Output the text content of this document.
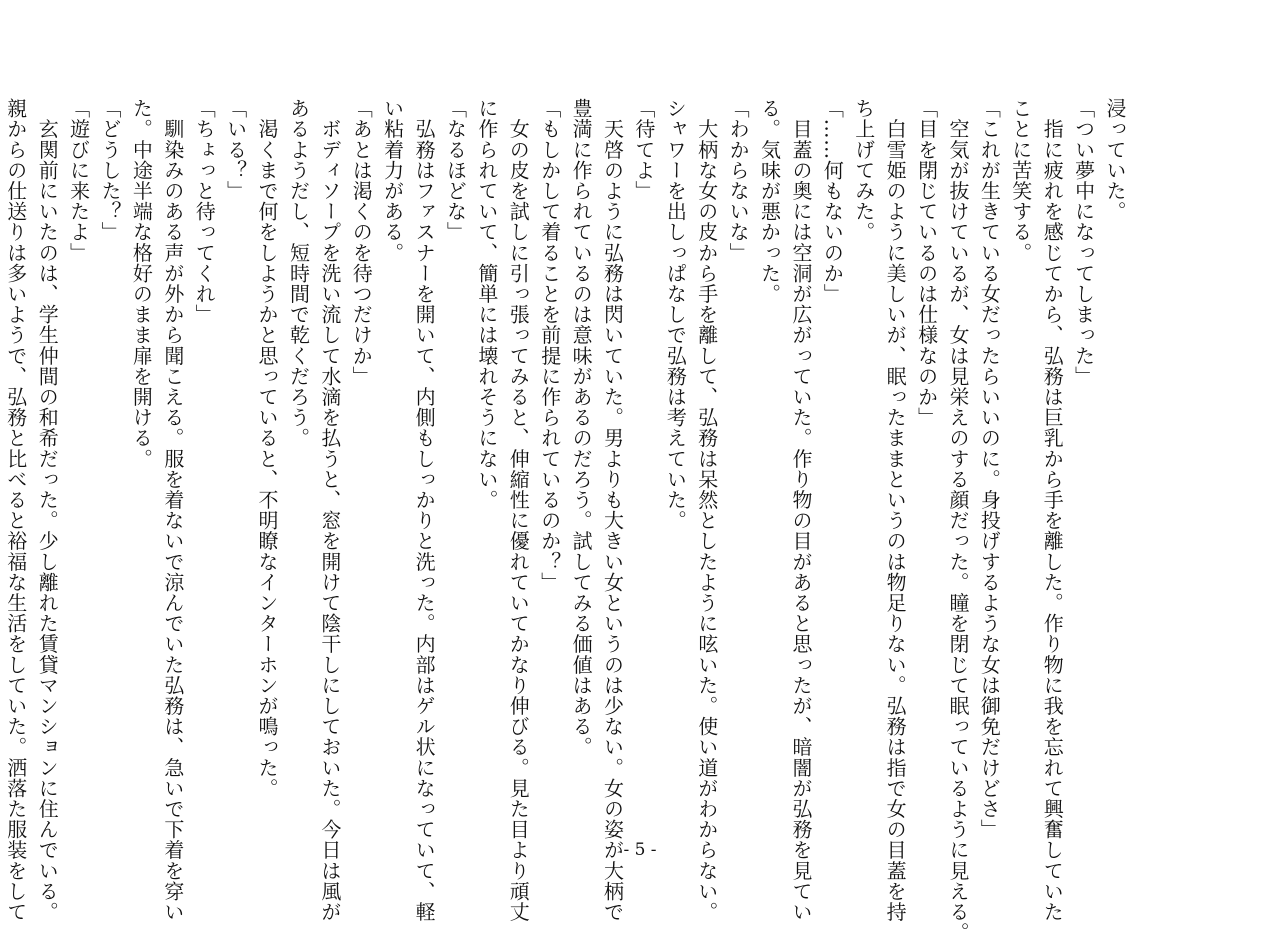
浸っていた。
「つい夢中になってしまった」
　指に疲れを感じてから、弘務は巨乳から手を離した。作り物に我を忘れて興奮していた
ことに苦笑する。
「これが生きている女だったらいいのに。身投げするような女は御免だけどさ」
　空気が抜けているが、女は見栄えのする顔だった。瞳を閉じて眠っているように見える。
「目を閉じているのは仕様なのか」
　白雪姫のように美しいが、眠ったままというのは物足りない。弘務は指で女の目蓋を持
ち上げてみた。
「……何もないのか」
　目蓋の奥には空洞が広がっていた。作り物の目があると思ったが、暗闇が弘務を見てい
る。気味が悪かった。
「わからないな」
　大柄な女の皮から手を離して、弘務は呆然としたように呟いた。使い道がわからない。
シャワーを出しっぱなしで弘務は考えていた。
「待てよ」
　天啓のように弘務は閃いていた。男よりも大きい女というのは少ない。女の姿が大柄で
豊満に作られているのは意味があるのだろう。試してみる価値はある。
「もしかして着ることを前提に作られているのか？」
　女の皮を試しに引っ張ってみると、伸縮性に優れていてかなり伸びる。見た目より頑丈
に作られていて、簡単には壊れそうにない。
「なるほどな」
　弘務はファスナーを開いて、内側もしっかりと洗った。内部はゲル状になっていて、軽
い粘着力がある。
「あとは渇くのを待つだけか」
　ボディソープを洗い流して水滴を払うと、窓を開けて陰干しにしておいた。今日は風が
あるようだし、短時間で乾くだろう。
　渇くまで何をしようかと思っていると、不明瞭なインターホンが鳴った。
「いる？」
「ちょっと待ってくれ」
　馴染みのある声が外から聞こえる。服を着ないで涼んでいた弘務は、急いで下着を穿い
た。中途半端な格好のまま扉を開ける。
「どうした？」
「遊びに来たよ」
　玄関前にいたのは、学生仲間の和希だった。少し離れた賃貸マンションに住んでいる。
親からの仕送りは多いようで、弘務と比べると裕福な生活をしていた。洒落た服装をして	- 5 -
